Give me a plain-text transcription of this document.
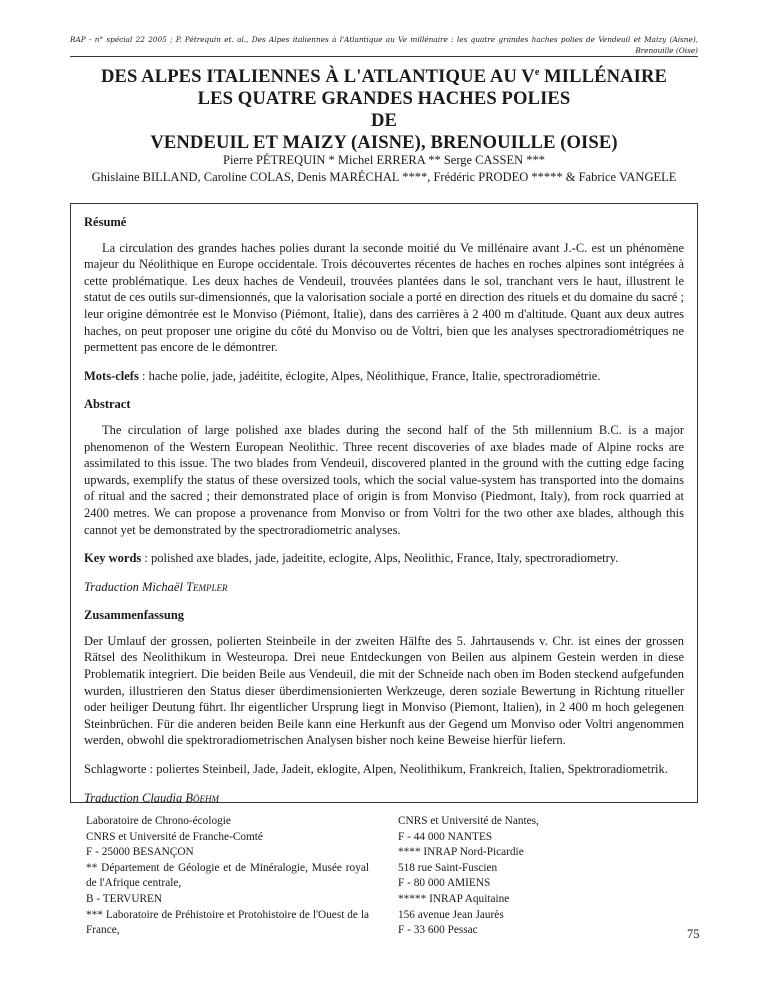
RAP - n° spécial 22 2005 ; P. Pétrequin et. al., Des Alpes italiennes à l'Atlantique au Ve millénaire : les quatre grandes haches polies de Vendeuil et Maizy (Aisne),
Brenouille (Oise)
DES ALPES ITALIENNES À L'ATLANTIQUE AU Ve MILLÉNAIRE
LES QUATRE GRANDES HACHES POLIES
DE
VENDEUIL ET MAIZY (AISNE), BRENOUILLE (OISE)
Pierre PÉTREQUIN * Michel ERRERA ** Serge CASSEN ***
Ghislaine BILLAND, Caroline COLAS, Denis MARÉCHAL ****, Frédéric PRODEO ***** & Fabrice VANGELE

Résumé

La circulation des grandes haches polies durant la seconde moitié du Ve millénaire avant J.-C. est un phénomène majeur du Néolithique en Europe occidentale. Trois découvertes récentes de haches en roches alpines sont intégrées à cette problématique. Les deux haches de Vendeuil, trouvées plantées dans le sol, tranchant vers le haut, illustrent le statut de ces outils sur-dimensionnés, que la valorisation sociale a porté en direction des rituels et du domaine du sacré ; leur origine démontrée est le Monviso (Piémont, Italie), dans des carrières à 2 400 m d'altitude. Quant aux deux autres haches, on peut proposer une origine du côté du Monviso ou de Voltri, bien que les analyses spectroradiométriques ne permettent pas encore de le démontrer.

Mots-clefs : hache polie, jade, jadéitite, éclogite, Alpes, Néolithique, France, Italie, spectroradiométrie.

Abstract

The circulation of large polished axe blades during the second half of the 5th millennium B.C. is a major phenomenon of the Western European Neolithic. Three recent discoveries of axe blades made of Alpine rocks are assimilated to this issue. The two blades from Vendeuil, discovered planted in the ground with the cutting edge facing upwards, exemplify the status of these oversized tools, which the social value-system has transported into the domains of ritual and the sacred ; their demonstrated place of origin is from Monviso (Piedmont, Italy), from rock quarried at 2400 metres. We can propose a provenance from Monviso or from Voltri for the two other axe blades, although this cannot yet be demonstrated by the spectroradiometric analyses.

Key words : polished axe blades, jade, jadeitite, eclogite, Alps, Neolithic, France, Italy, spectroradiometry.

Traduction Michaël Templer

Zusammenfassung

Der Umlauf der grossen, polierten Steinbeile in der zweiten Hälfte des 5. Jahrtausends v. Chr. ist eines der grossen Rätsel des Neolithikum in Westeuropa. Drei neue Entdeckungen von Beilen aus alpinem Gestein werden in diese Problematik integriert. Die beiden Beile aus Vendeuil, die mit der Schneide nach oben im Boden steckend aufgefunden wurden, illustrieren den Status dieser überdimensionierten Werkzeuge, deren soziale Bewertung in Richtung ritueller oder heiliger Deutung führt. Ihr eigentlicher Ursprung liegt in Monviso (Piemont, Italien), in 2 400 m hoch gelegenen Steinbrüchen. Für die anderen beiden Beile kann eine Herkunft aus der Gegend um Monviso oder Voltri angenommen werden, obwohl die spektroradiometrischen Analysen bisher noch keine Beweise hierfür liefern.

Schlagworte : poliertes Steinbeil, Jade, Jadeit, eklogite, Alpen, Neolithikum, Frankreich, Italien, Spektroradiometrik.

Traduction Claudia Böehm

Laboratoire de Chrono-écologie
CNRS et Université de Franche-Comté
F - 25000 BESANÇON
** Département de Géologie et de Minéralogie, Musée royal de l'Afrique centrale,
B - TERVUREN
*** Laboratoire de Préhistoire et Protohistoire de l'Ouest de la France,
CNRS et Université de Nantes,
F - 44 000 NANTES
**** INRAP Nord-Picardie
518 rue Saint-Fuscien
F - 80 000 AMIENS
***** INRAP Aquitaine
156 avenue Jean Jaurès
F - 33 600 Pessac	75
